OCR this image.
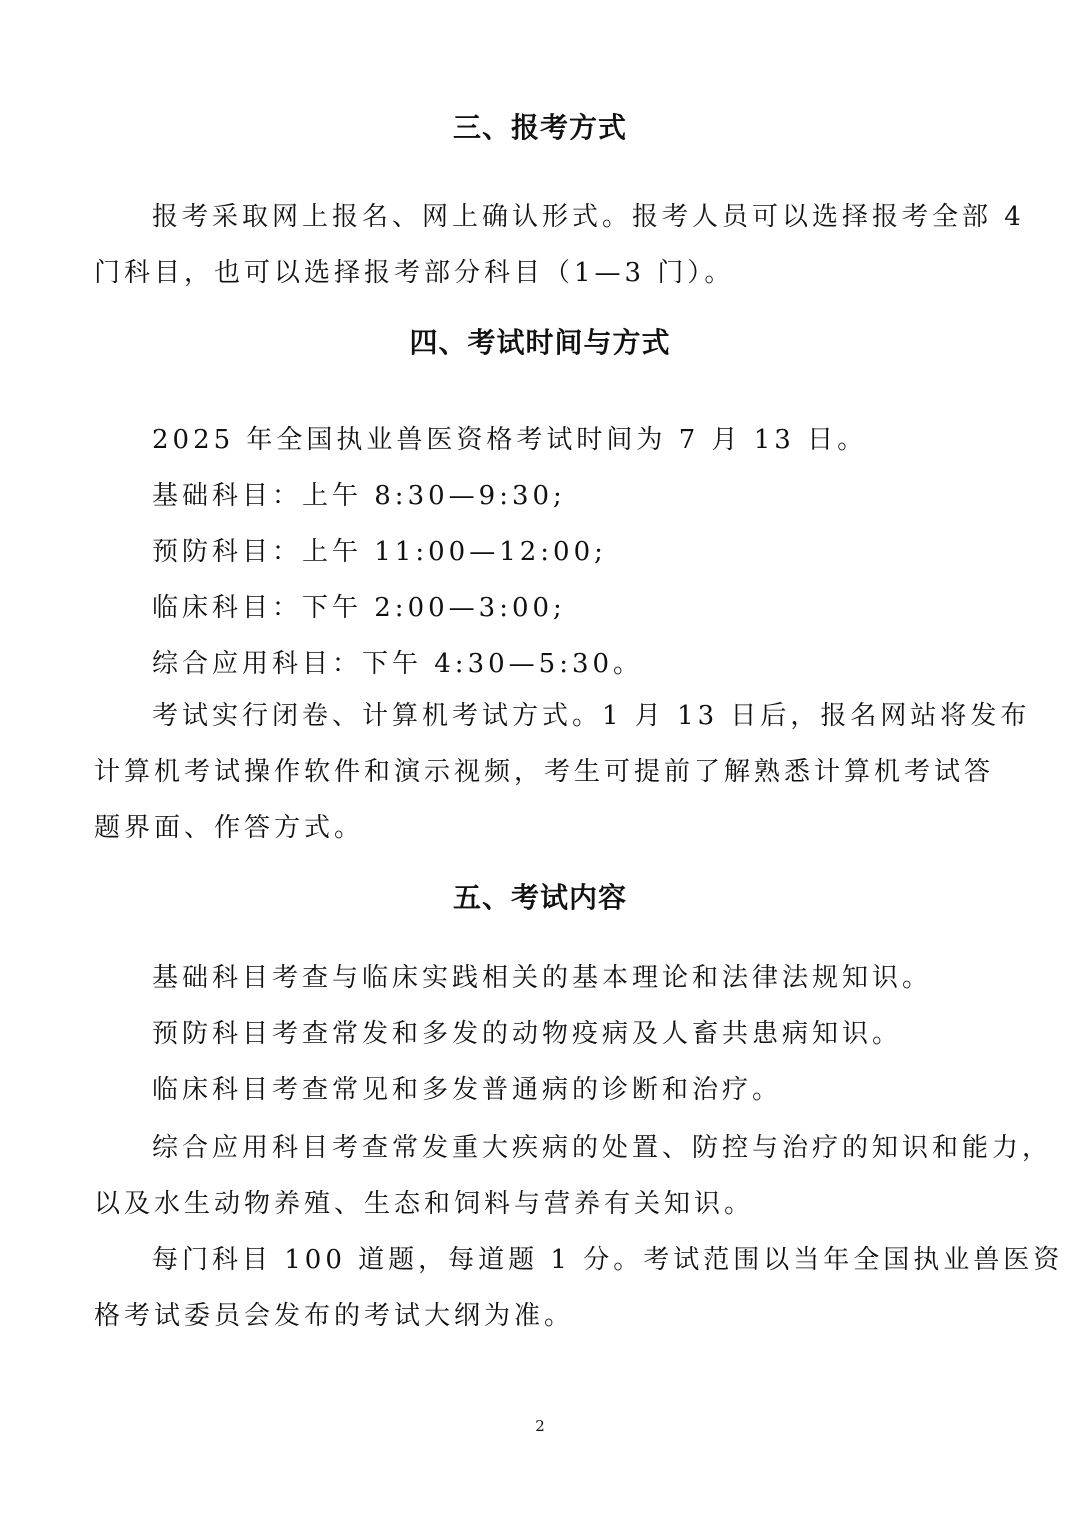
三、报考方式

报考采取网上报名、网上确认形式。报考人员可以选择报考全部 4

门科目，也可以选择报考部分科目（1—3 门）。

四、考试时间与方式

2025 年全国执业兽医资格考试时间为 7 月 13 日。

基础科目：上午 8:30—9:30;

预防科目：上午 11:00—12:00;

临床科目：下午 2:00—3:00;

综合应用科目：下午 4:30—5:30。

考试实行闭卷、计算机考试方式。1 月 13 日后，报名网站将发布

计算机考试操作软件和演示视频，考生可提前了解熟悉计算机考试答

题界面、作答方式。

五、考试内容

基础科目考查与临床实践相关的基本理论和法律法规知识。

预防科目考查常发和多发的动物疫病及人畜共患病知识。

临床科目考查常见和多发普通病的诊断和治疗。

综合应用科目考查常发重大疾病的处置、防控与治疗的知识和能力，

以及水生动物养殖、生态和饲料与营养有关知识。

每门科目 100 道题，每道题 1 分。考试范围以当年全国执业兽医资

格考试委员会发布的考试大纲为准。

2
